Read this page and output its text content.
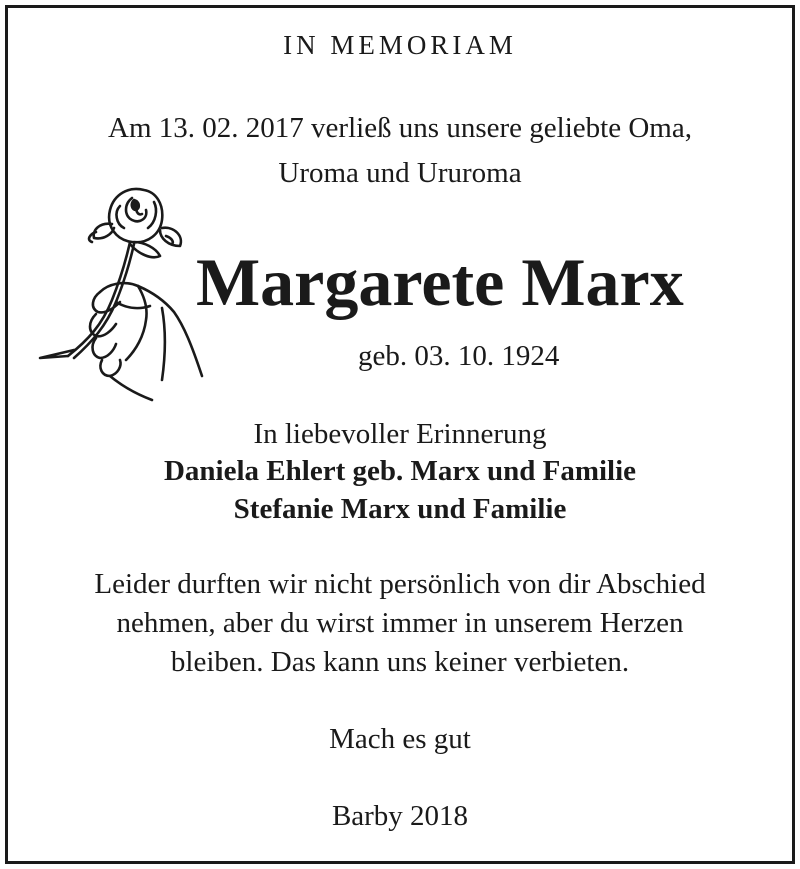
IN MEMORIAM
Am 13. 02. 2017 verließ uns unsere geliebte Oma,
Uroma und Ururoma
Margarete Marx
geb. 03. 10. 1924
In liebevoller Erinnerung
Daniela Ehlert geb. Marx und Familie
Stefanie Marx und Familie
Leider durften wir nicht persönlich von dir Abschied
nehmen, aber du wirst immer in unserem Herzen
bleiben. Das kann uns keiner verbieten.
Mach es gut
Barby 2018
